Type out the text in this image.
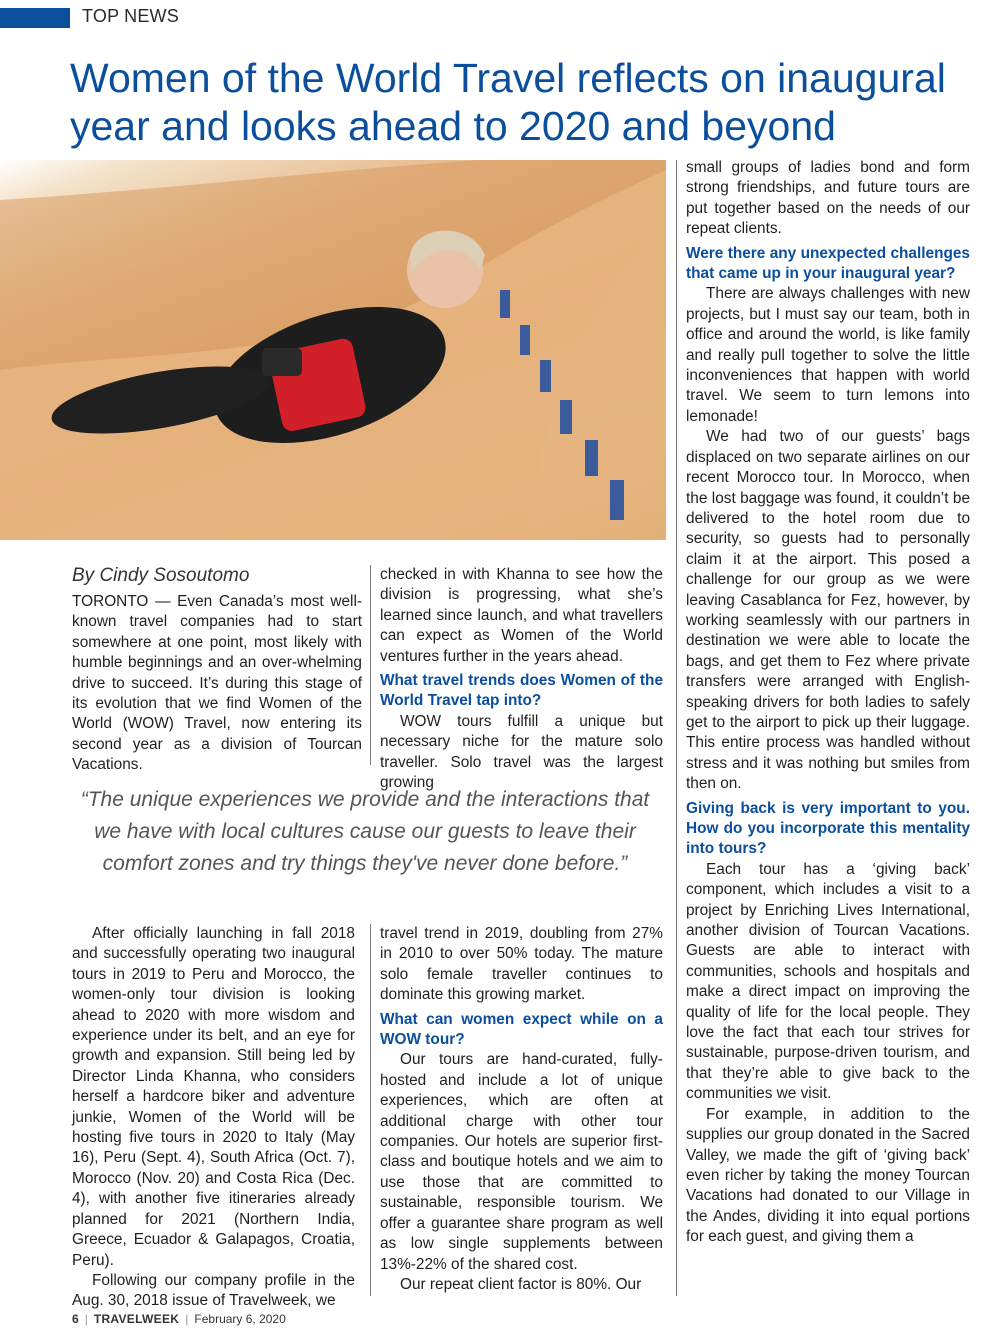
TOP NEWS
Women of the World Travel reflects on inaugural year and looks ahead to 2020 and beyond
By Cindy Sosoutomo

TORONTO — Even Canada’s most well-known travel companies had to start somewhere at one point, most likely with humble beginnings and an over-whelming drive to succeed. It’s during this stage of its evolution that we find Women of the World (WOW) Travel, now entering its second year as a division of Tourcan Vacations.

checked in with Khanna to see how the division is progressing, what she’s learned since launch, and what travellers can expect as Women of the World ventures further in the years ahead.

What travel trends does Women of the World Travel tap into?

WOW tours fulfill a unique but necessary niche for the mature solo traveller. Solo travel was the largest growing

“The unique experiences we provide and the interactions that we have with local cultures cause our guests to leave their comfort zones and try things they've never done before.”

After officially launching in fall 2018 and successfully operating two inaugural tours in 2019 to Peru and Morocco, the women-only tour division is looking ahead to 2020 with more wisdom and experience under its belt, and an eye for growth and expansion. Still being led by Director Linda Khanna, who considers herself a hardcore biker and adventure junkie, Women of the World will be hosting five tours in 2020 to Italy (May 16), Peru (Sept. 4), South Africa (Oct. 7), Morocco (Nov. 20) and Costa Rica (Dec. 4), with another five itineraries already planned for 2021 (Northern India, Greece, Ecuador & Galapagos, Croatia, Peru).

Following our company profile in the Aug. 30, 2018 issue of Travelweek, we

travel trend in 2019, doubling from 27% in 2010 to over 50% today. The mature solo female traveller continues to dominate this growing market.

What can women expect while on a WOW tour?

Our tours are hand-curated, fully-hosted and include a lot of unique experiences, which are often at additional charge with other tour companies. Our hotels are superior first-class and boutique hotels and we aim to use those that are committed to sustainable, responsible tourism. We offer a guarantee share program as well as low single supplements between 13%-22% of the shared cost.

Our repeat client factor is 80%. Our

small groups of ladies bond and form strong friendships, and future tours are put together based on the needs of our repeat clients.

Were there any unexpected challenges that came up in your inaugural year?

There are always challenges with new projects, but I must say our team, both in office and around the world, is like family and really pull together to solve the little inconveniences that happen with world travel. We seem to turn lemons into lemonade!

We had two of our guests’ bags displaced on two separate airlines on our recent Morocco tour. In Morocco, when the lost baggage was found, it couldn’t be delivered to the hotel room due to security, so guests had to personally claim it at the airport. This posed a challenge for our group as we were leaving Casablanca for Fez, however, by working seamlessly with our partners in destination we were able to locate the bags, and get them to Fez where private transfers were arranged with English-speaking drivers for both ladies to safely get to the airport to pick up their luggage. This entire process was handled without stress and it was nothing but smiles from then on.

Giving back is very important to you. How do you incorporate this mentality into tours?

Each tour has a ‘giving back’ component, which includes a visit to a project by Enriching Lives International, another division of Tourcan Vacations. Guests are able to interact with communities, schools and hospitals and make a direct impact on improving the quality of life for the local people. They love the fact that each tour strives for sustainable, purpose-driven tourism, and that they’re able to give back to the communities we visit.

For example, in addition to the supplies our group donated in the Sacred Valley, we made the gift of ‘giving back’ even richer by taking the money Tourcan Vacations had donated to our Village in the Andes, dividing it into equal portions for each guest, and giving them a

6 | TRAVELWEEK | February 6, 2020
